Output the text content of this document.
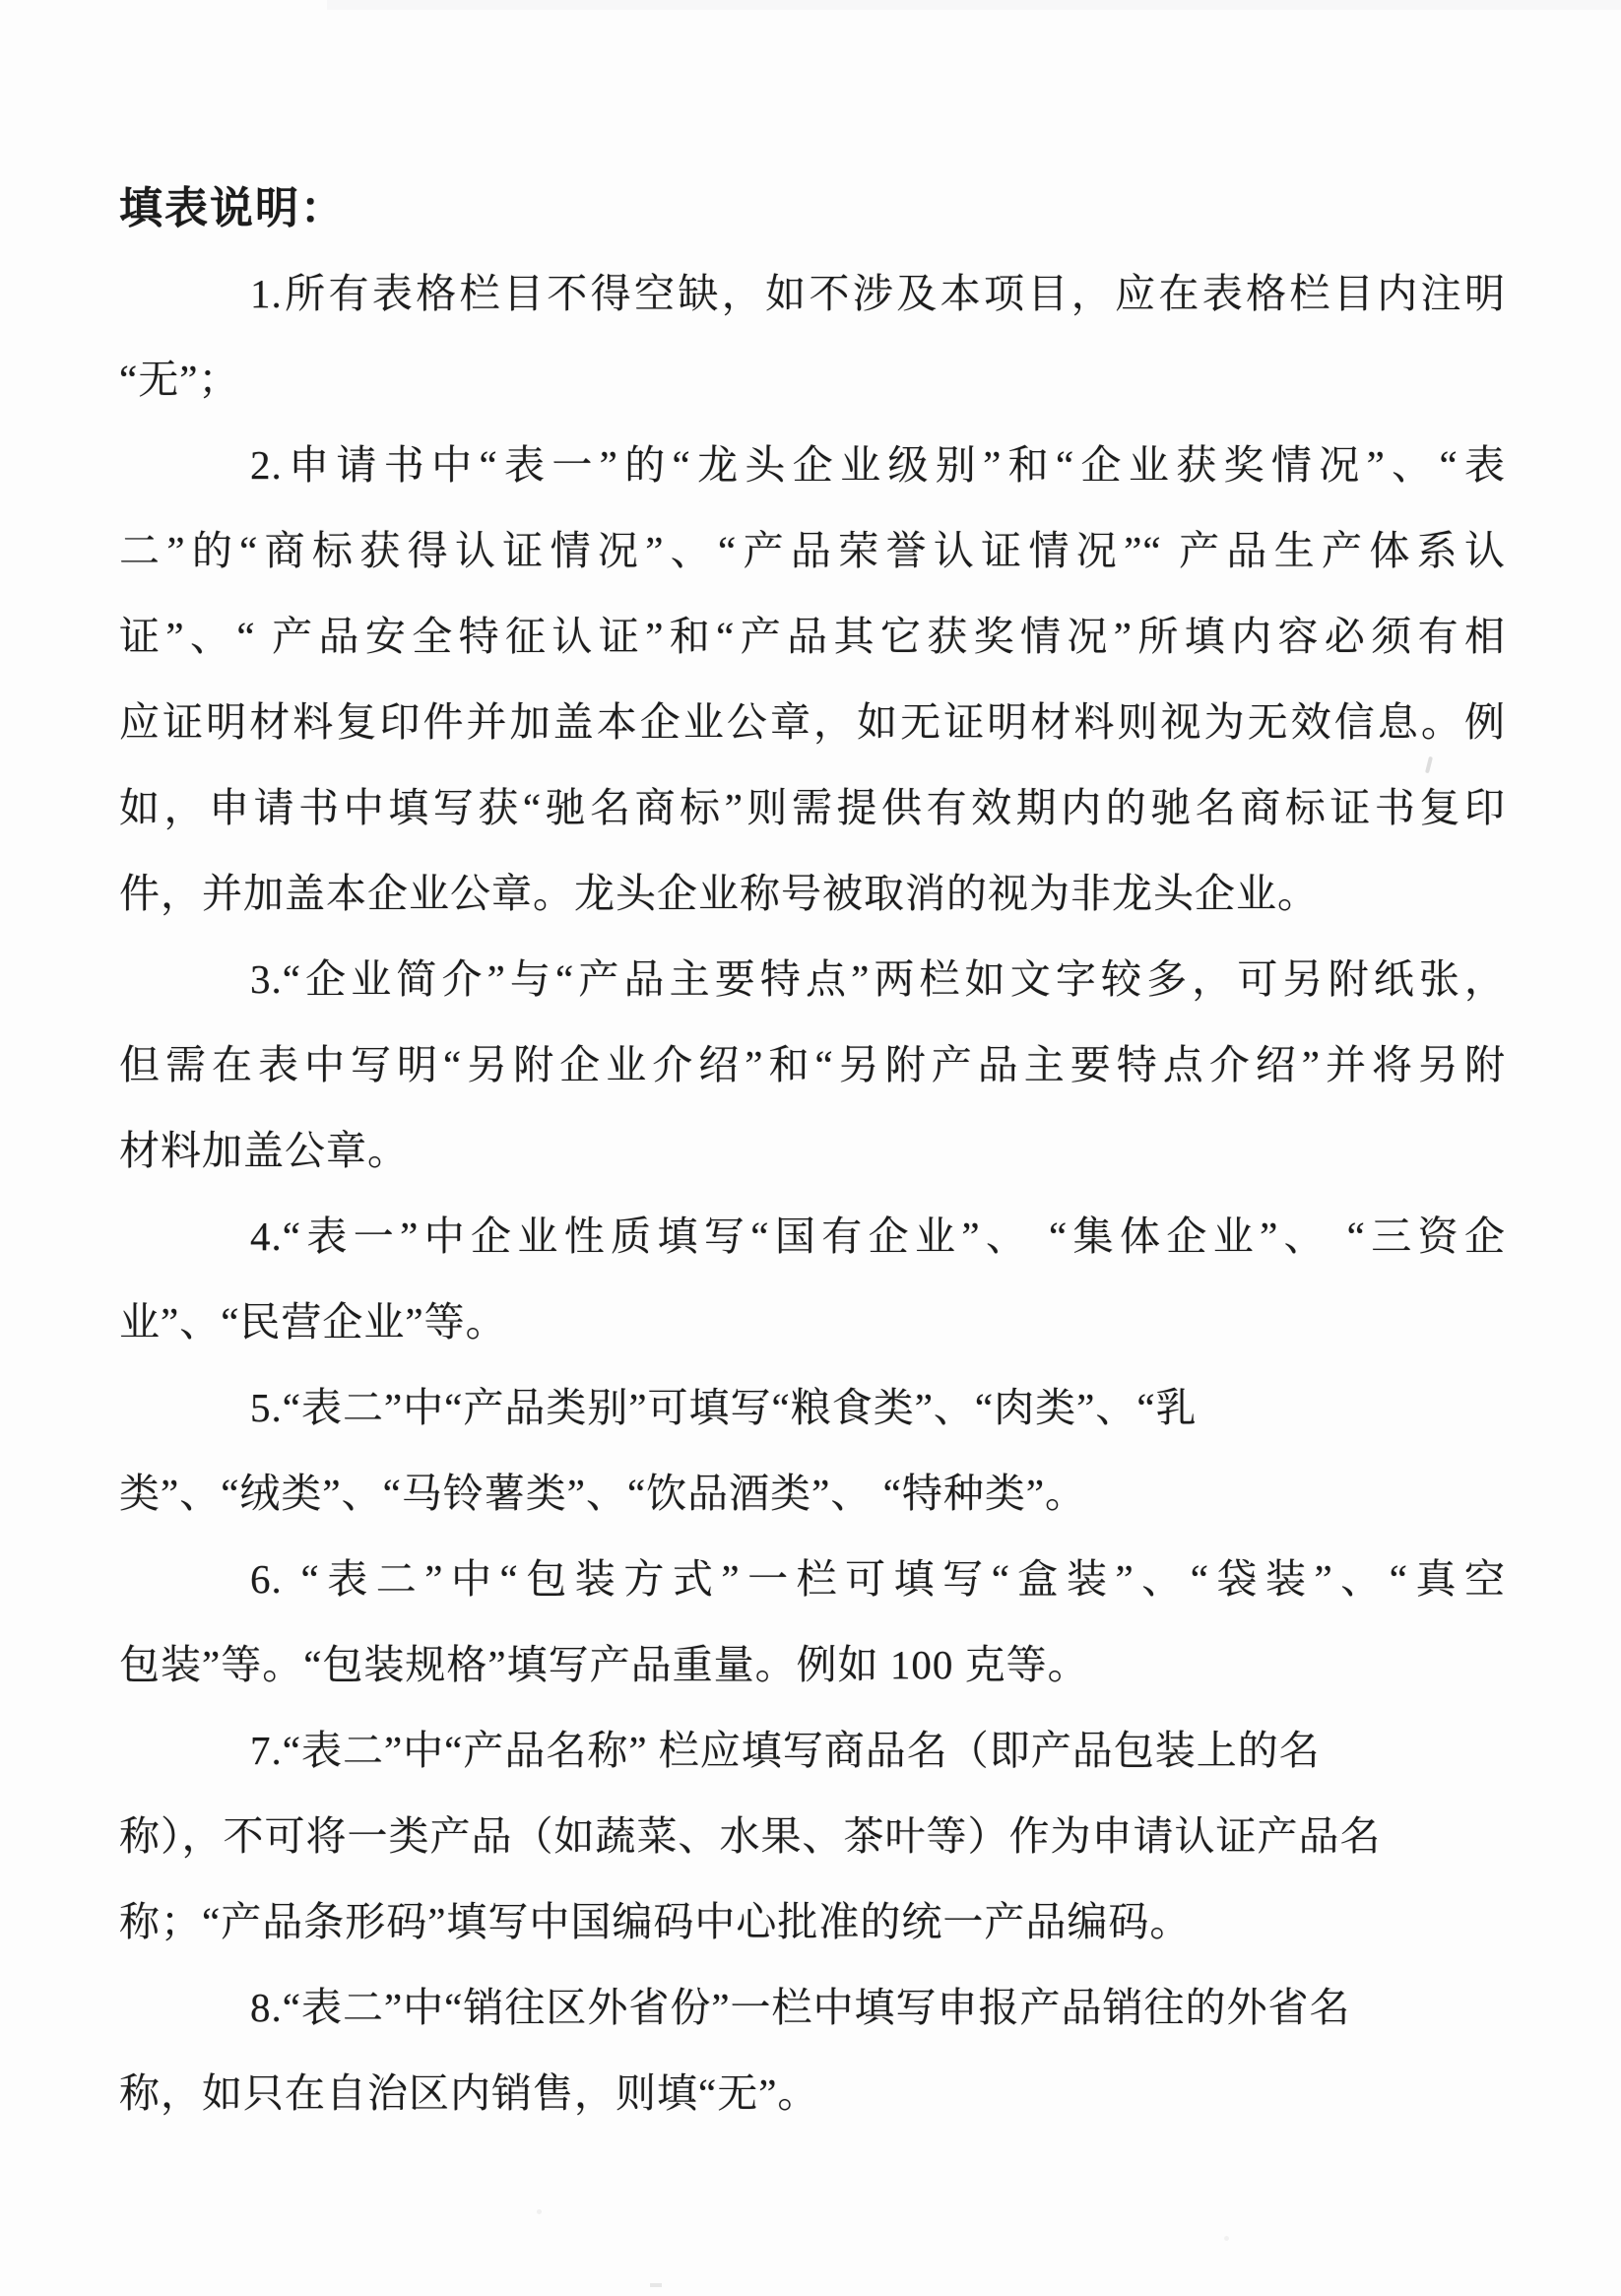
填表说明：
1.所有表格栏目不得空缺，如不涉及本项目，应在表格栏目内注明
“无”；
2.申请书中“表一”的“龙头企业级别”和“企业获奖情况”、“表
二”的“商标获得认证情况”、“产品荣誉认证情况”“ 产品生产体系认
证”、“ 产品安全特征认证”和“产品其它获奖情况”所填内容必须有相
应证明材料复印件并加盖本企业公章，如无证明材料则视为无效信息。例
如，申请书中填写获“驰名商标”则需提供有效期内的驰名商标证书复印
件，并加盖本企业公章。龙头企业称号被取消的视为非龙头企业。
3.“企业简介”与“产品主要特点”两栏如文字较多，可另附纸张，
但需在表中写明“另附企业介绍”和“另附产品主要特点介绍”并将另附
材料加盖公章。
4.“表一”中企业性质填写“国有企业”、 “集体企业”、 “三资企
业”、“民营企业”等。
5.“表二”中“产品类别”可填写“粮食类”、“肉类”、“乳
类”、“绒类”、“马铃薯类”、“饮品酒类”、 “特种类”。
6. “表二”中“包装方式”一栏可填写“盒装”、“袋装”、“真空
包装”等。“包装规格”填写产品重量。例如 100 克等。
7.“表二”中“产品名称” 栏应填写商品名（即产品包装上的名
称），不可将一类产品（如蔬菜、水果、茶叶等）作为申请认证产品名
称；“产品条形码”填写中国编码中心批准的统一产品编码。
8.“表二”中“销往区外省份”一栏中填写申报产品销往的外省名
称，如只在自治区内销售，则填“无”。
